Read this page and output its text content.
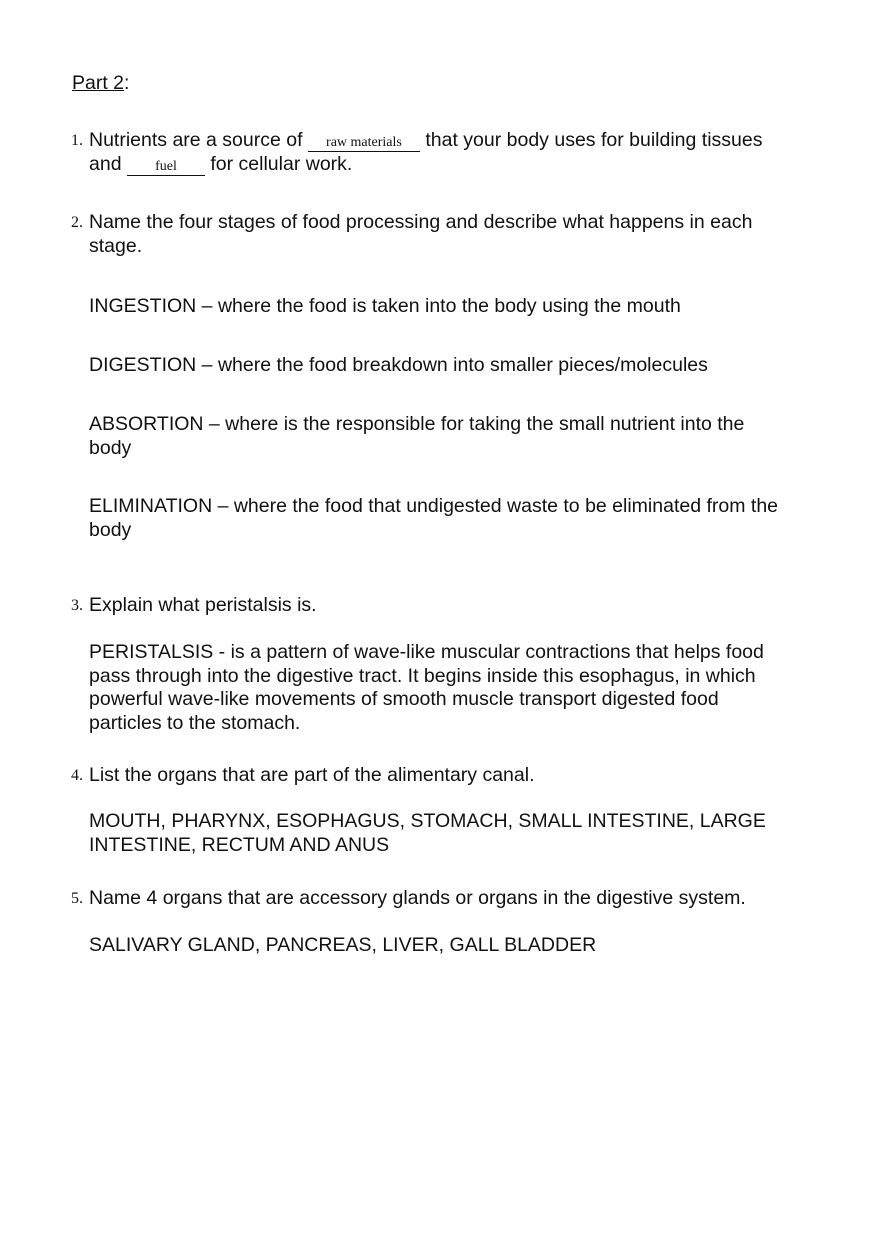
Part 2:
1. Nutrients are a source of raw materials that your body uses for building tissues and fuel for cellular work.
2. Name the four stages of food processing and describe what happens in each stage.
INGESTION – where the food is taken into the body using the mouth
DIGESTION – where the food breakdown into smaller pieces/molecules
ABSORTION – where is the responsible for taking the small nutrient into the body
ELIMINATION – where the food that undigested waste to be eliminated from the body
3. Explain what peristalsis is.
PERISTALSIS - is a pattern of wave-like muscular contractions that helps food pass through into the digestive tract. It begins inside this esophagus, in which powerful wave-like movements of smooth muscle transport digested food particles to the stomach.
4. List the organs that are part of the alimentary canal.
MOUTH, PHARYNX, ESOPHAGUS, STOMACH, SMALL INTESTINE, LARGE INTESTINE, RECTUM AND ANUS
5. Name 4 organs that are accessory glands or organs in the digestive system.
SALIVARY GLAND, PANCREAS, LIVER, GALL BLADDER
